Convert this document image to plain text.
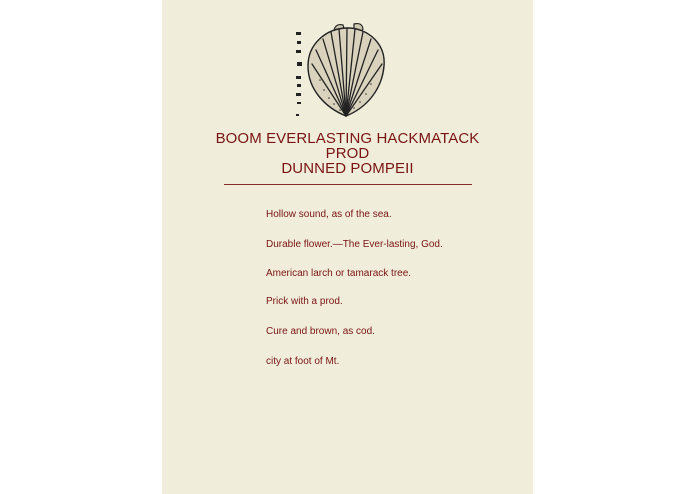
BOOM EVERLASTING HACKMATACK
PROD
DUNNED POMPEII
Hollow sound, as of the sea.
Durable flower.—The Ever-lasting, God.
American larch or tamarack tree.
Prick with a prod.
Cure and brown, as cod.
city at foot of Mt.
